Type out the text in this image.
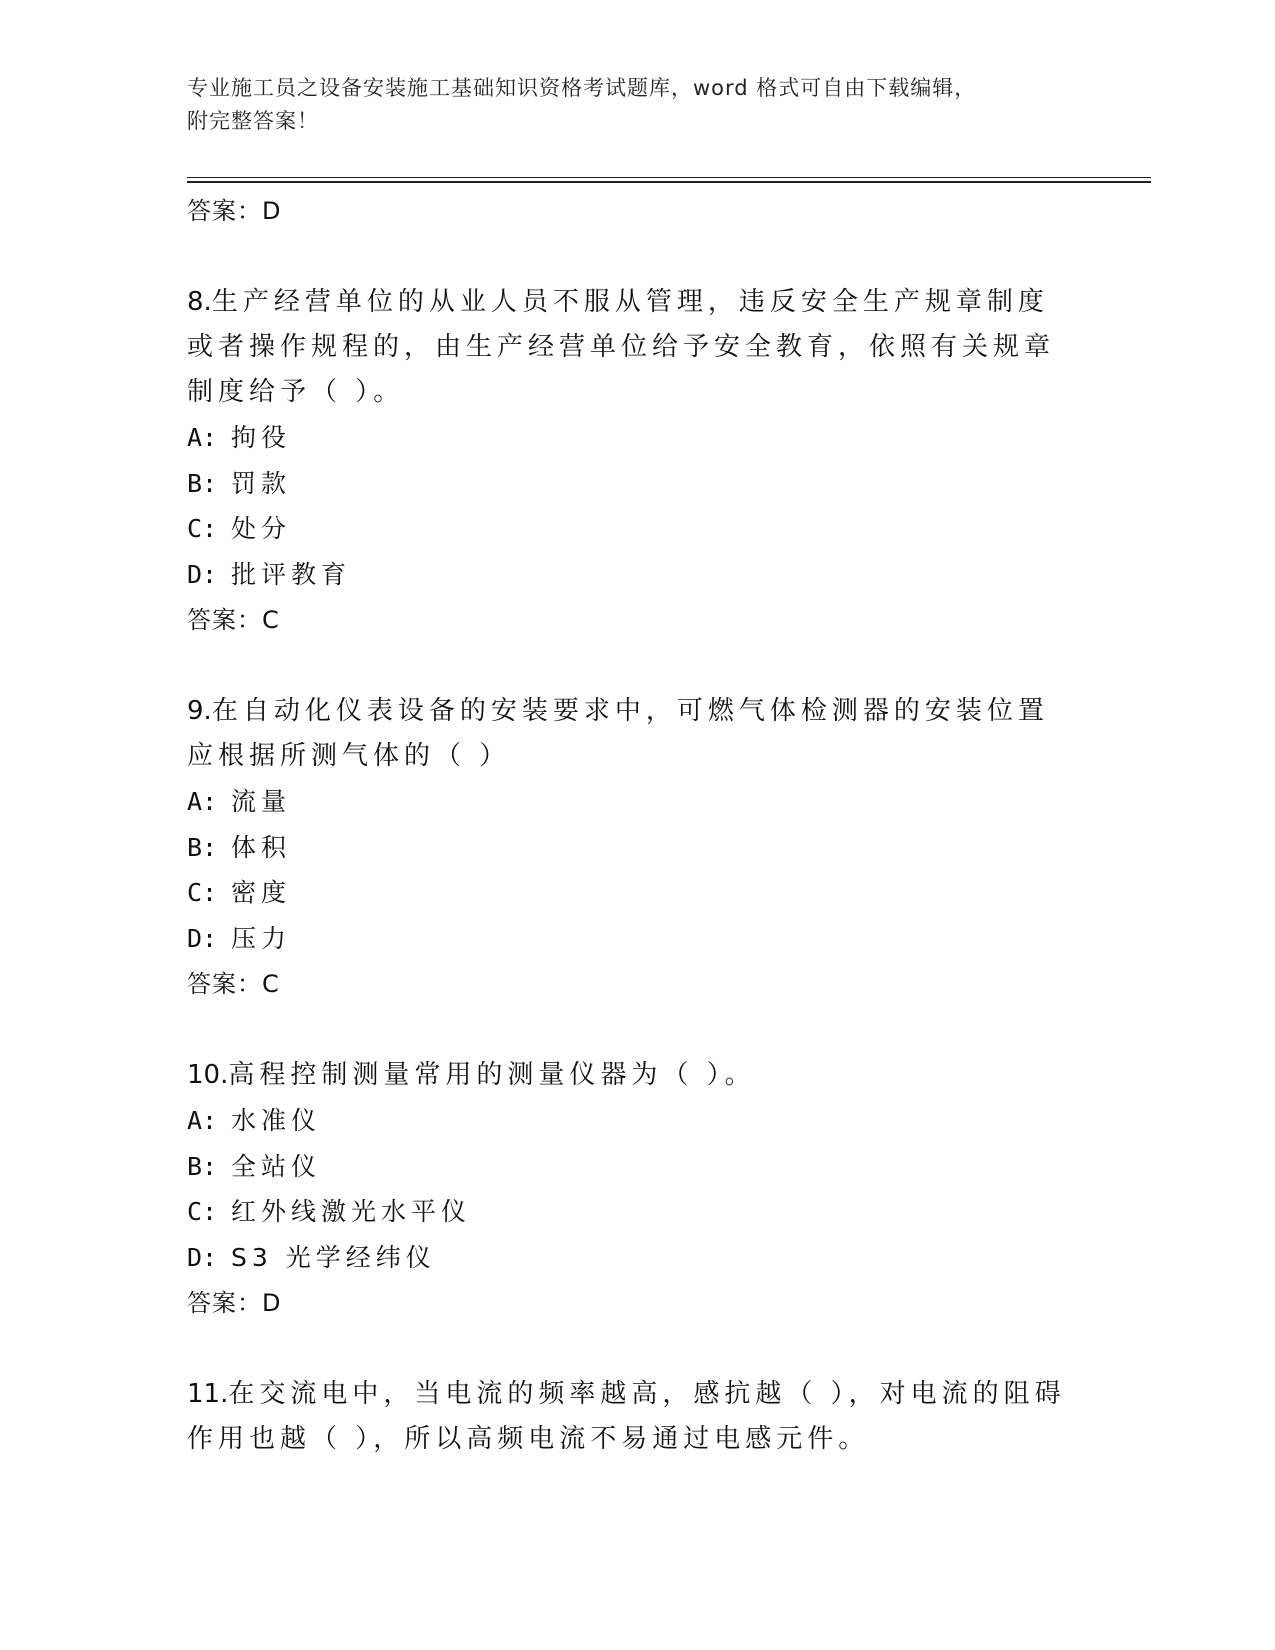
专业施工员之设备安装施工基础知识资格考试题库，word 格式可自由下载编辑，
附完整答案！
答案：D
8.生产经营单位的从业人员不服从管理，违反安全生产规章制度或者操作规程的，由生产经营单位给予安全教育，依照有关规章制度给予（ ）。
A: 拘役
B: 罚款
C: 处分
D: 批评教育
答案：C
9.在自动化仪表设备的安装要求中，可燃气体检测器的安装位置应根据所测气体的（ ）
A: 流量
B: 体积
C: 密度
D: 压力
答案：C
10.高程控制测量常用的测量仪器为（ ）。
A: 水准仪
B: 全站仪
C: 红外线激光水平仪
D: S3 光学经纬仪
答案：D
11.在交流电中，当电流的频率越高，感抗越（ ），对电流的阻碍作用也越（ ），所以高频电流不易通过电感元件。
